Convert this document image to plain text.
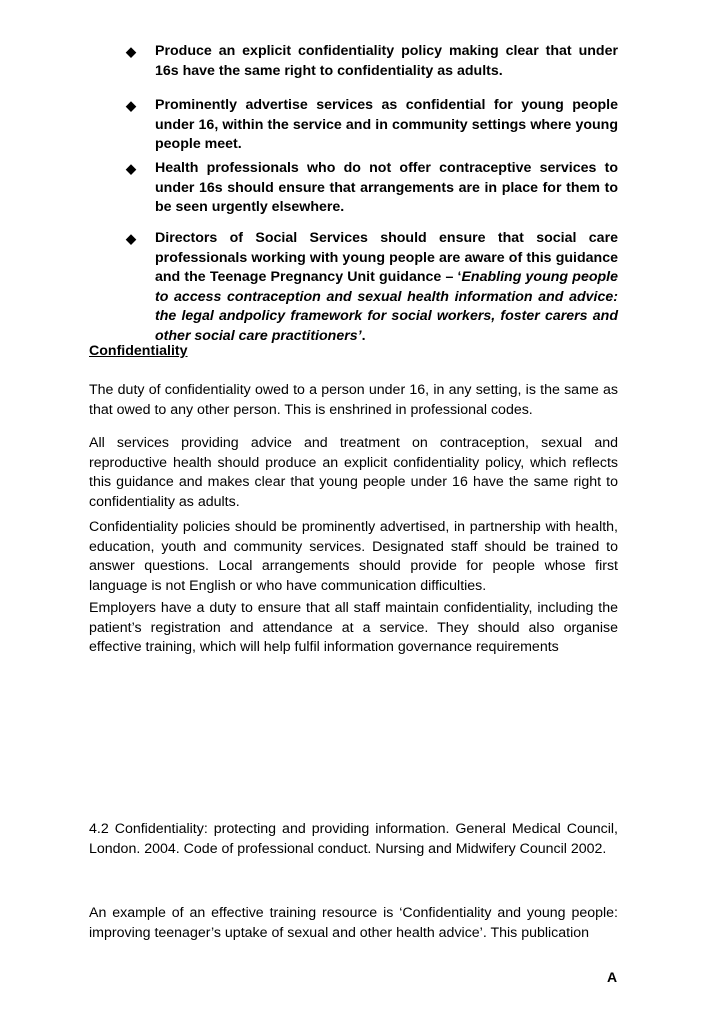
◆ Produce an explicit confidentiality policy making clear that under 16s have the same right to confidentiality as adults.
◆ Prominently advertise services as confidential for young people under 16, within the service and in community settings where young people meet.
◆ Health professionals who do not offer contraceptive services to under 16s should ensure that arrangements are in place for them to be seen urgently elsewhere.
◆ Directors of Social Services should ensure that social care professionals working with young people are aware of this guidance and the Teenage Pregnancy Unit guidance – ‘Enabling young people to access contraception and sexual health information and advice: the legal andpolicy framework for social workers, foster carers and other social care practitioners’.
Confidentiality
The duty of confidentiality owed to a person under 16, in any setting, is the same as that owed to any other person. This is enshrined in professional codes.
All services providing advice and treatment on contraception, sexual and reproductive health should produce an explicit confidentiality policy, which reflects this guidance and makes clear that young people under 16 have the same right to confidentiality as adults.
Confidentiality policies should be prominently advertised, in partnership with health, education, youth and community services. Designated staff should be trained to answer questions. Local arrangements should provide for people whose first language is not English or who have communication difficulties.
Employers have a duty to ensure that all staff maintain confidentiality, including the patient’s registration and attendance at a service. They should also organise effective training, which will help fulfil information governance requirements
4.2 Confidentiality: protecting and providing information. General Medical Council, London. 2004. Code of professional conduct. Nursing and Midwifery Council 2002.
An example of an effective training resource is ‘Confidentiality and young people: improving teenager’s uptake of sexual and other health advice’. This publication
A
